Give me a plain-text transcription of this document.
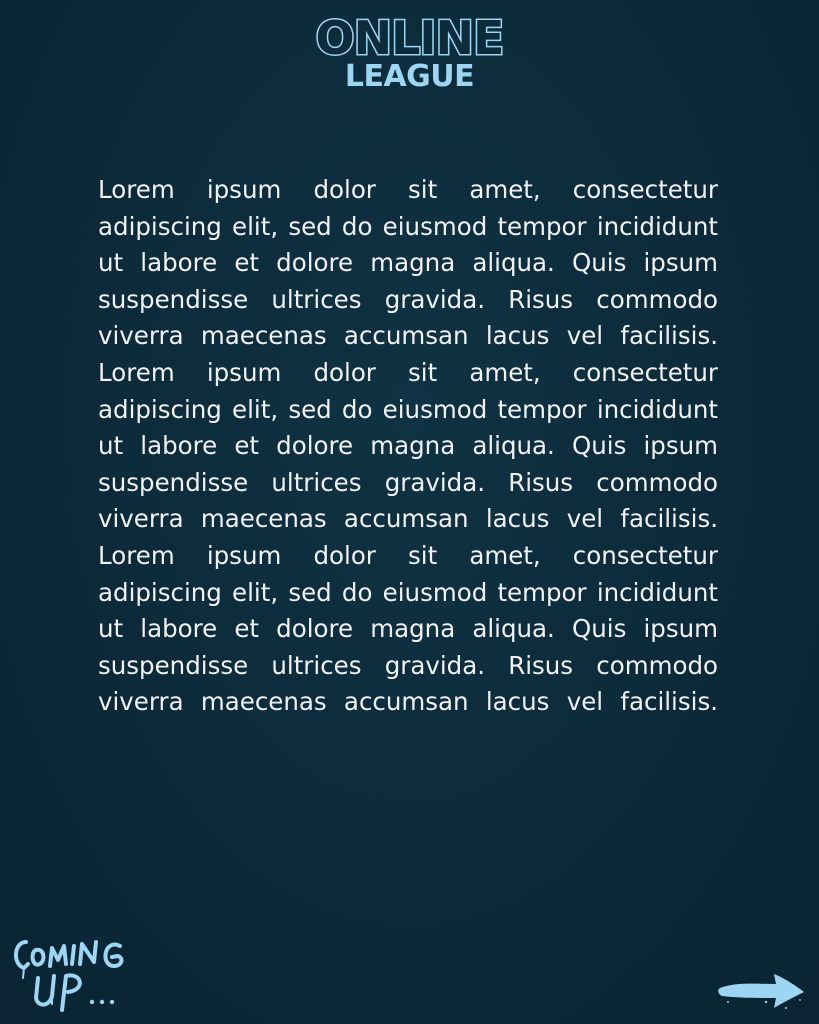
ONLINE
LEAGUE

Lorem ipsum dolor sit amet, consectetur adipiscing elit, sed do eiusmod tempor incididunt ut labore et dolore magna aliqua. Quis ipsum suspendisse ultrices gravida. Risus commodo viverra maecenas accumsan lacus vel facilisis. Lorem ipsum dolor sit amet, consectetur adipiscing elit, sed do eiusmod tempor incididunt ut labore et dolore magna aliqua. Quis ipsum suspendisse ultrices gravida. Risus commodo viverra maecenas accumsan lacus vel facilisis. Lorem ipsum dolor sit amet, consectetur adipiscing elit, sed do eiusmod tempor incididunt ut labore et dolore magna aliqua. Quis ipsum suspendisse ultrices gravida. Risus commodo viverra maecenas accumsan lacus vel facilisis.
